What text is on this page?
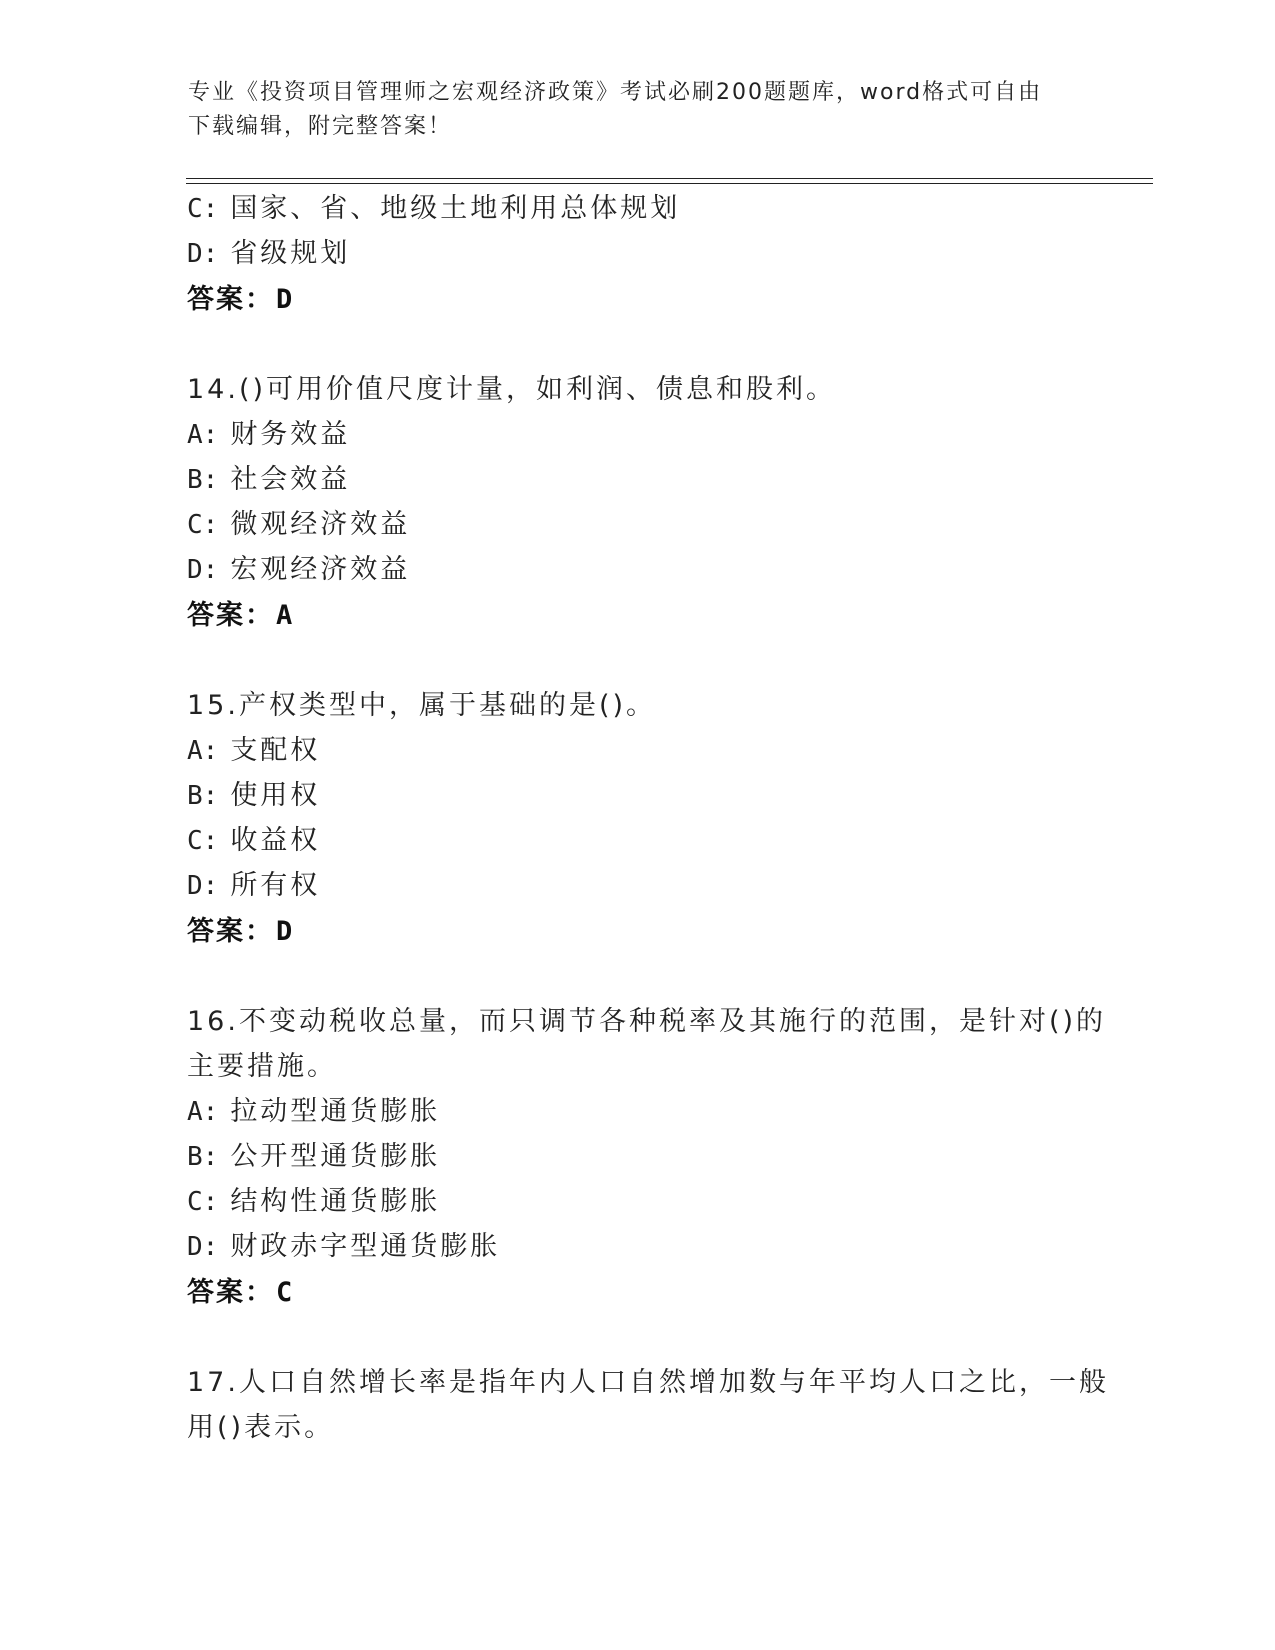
专业《投资项目管理师之宏观经济政策》考试必刷200题题库，word格式可自由
下载编辑，附完整答案！
C: 国家、省、地级土地利用总体规划
D: 省级规划
答案：D
14.()可用价值尺度计量，如利润、债息和股利。
A: 财务效益
B: 社会效益
C: 微观经济效益
D: 宏观经济效益
答案：A
15.产权类型中，属于基础的是()。
A: 支配权
B: 使用权
C: 收益权
D: 所有权
答案：D
16.不变动税收总量，而只调节各种税率及其施行的范围，是针对()的
主要措施。
A: 拉动型通货膨胀
B: 公开型通货膨胀
C: 结构性通货膨胀
D: 财政赤字型通货膨胀
答案：C
17.人口自然增长率是指年内人口自然增加数与年平均人口之比，一般
用()表示。
